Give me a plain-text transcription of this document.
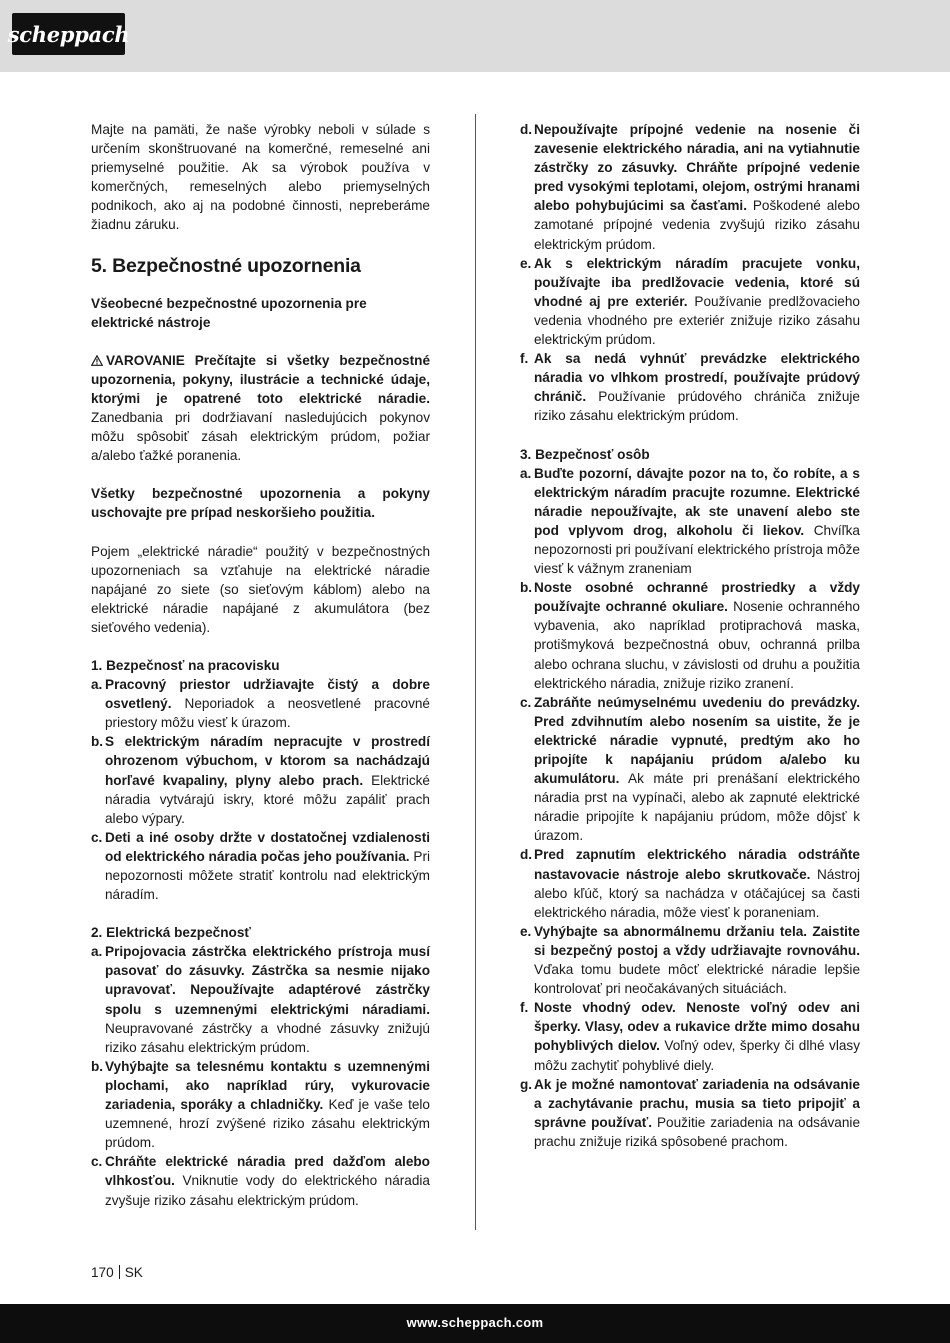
scheppach

Majte na pamäti, že naše výrobky neboli v súlade s určením skonštruované na komerčné, remeselné ani priemyselné použitie. Ak sa výrobok používa v komerčných, remeselných alebo priemyselných podnikoch, ako aj na podobné činnosti, nepreberáme žiadnu záruku.

5. Bezpečnostné upozornenia

Všeobecné bezpečnostné upozornenia pre elektrické nástroje

VAROVANIE Prečítajte si všetky bezpečnostné upozornenia, pokyny, ilustrácie a technické údaje, ktorými je opatrené toto elektrické náradie. Zanedbania pri dodržiavaní nasledujúcich pokynov môžu spôsobiť zásah elektrickým prúdom, požiar a/alebo ťažké poranenia.

Všetky bezpečnostné upozornenia a pokyny uschovajte pre prípad neskoršieho použitia.

Pojem „elektrické náradie“ použitý v bezpečnostných upozorneniach sa vzťahuje na elektrické náradie napájané zo siete (so sieťovým káblom) alebo na elektrické náradie napájané z akumulátora (bez sieťového vedenia).

1. Bezpečnosť na pracovisku
a. Pracovný priestor udržiavajte čistý a dobre osvetlený. Neporiadok a neosvetlené pracovné priestory môžu viesť k úrazom.
b. S elektrickým náradím nepracujte v prostredí ohrozenom výbuchom, v ktorom sa nachádzajú horľavé kvapaliny, plyny alebo prach. Elektrické náradia vytvárajú iskry, ktoré môžu zapáliť prach alebo výpary.
c. Deti a iné osoby držte v dostatočnej vzdialenosti od elektrického náradia počas jeho používania. Pri nepozornosti môžete stratiť kontrolu nad elektrickým náradím.
2. Elektrická bezpečnosť
a. Pripojovacia zástrčka elektrického prístroja musí pasovať do zásuvky. Zástrčka sa nesmie nijako upravovať. Nepoužívajte adaptérové zástrčky spolu s uzemnenými elektrickými náradiami. Neupravované zástrčky a vhodné zásuvky znižujú riziko zásahu elektrickým prúdom.
b. Vyhýbajte sa telesnému kontaktu s uzemnenými plochami, ako napríklad rúry, vykurovacie zariadenia, sporáky a chladničky. Keď je vaše telo uzemnené, hrozí zvýšené riziko zásahu elektrickým prúdom.
c. Chráňte elektrické náradia pred dažďom alebo vlhkosťou. Vniknutie vody do elektrického náradia zvyšuje riziko zásahu elektrickým prúdom.
d. Nepoužívajte prípojné vedenie na nosenie či zavesenie elektrického náradia, ani na vytiahnutie zástrčky zo zásuvky. Chráňte prípojné vedenie pred vysokými teplotami, olejom, ostrými hranami alebo pohybujúcimi sa časťami. Poškodené alebo zamotané prípojné vedenia zvyšujú riziko zásahu elektrickým prúdom.
e. Ak s elektrickým náradím pracujete vonku, používajte iba predlžovacie vedenia, ktoré sú vhodné aj pre exteriér. Používanie predlžovacieho vedenia vhodného pre exteriér znižuje riziko zásahu elektrickým prúdom.
f. Ak sa nedá vyhnúť prevádzke elektrického náradia vo vlhkom prostredí, používajte prúdový chránič. Používanie prúdového chrániča znižuje riziko zásahu elektrickým prúdom.
3. Bezpečnosť osôb
a. Buďte pozorní, dávajte pozor na to, čo robíte, a s elektrickým náradím pracujte rozumne. Elektrické náradie nepoužívajte, ak ste unavení alebo ste pod vplyvom drog, alkoholu či liekov. Chvíľka nepozornosti pri používaní elektrického prístroja môže viesť k vážnym zraneniam
b. Noste osobné ochranné prostriedky a vždy používajte ochranné okuliare. Nosenie ochranného vybavenia, ako napríklad protiprachová maska, protišmyková bezpečnostná obuv, ochranná prilba alebo ochrana sluchu, v závislosti od druhu a použitia elektrického náradia, znižuje riziko zranení.
c. Zabráňte neúmyselnému uvedeniu do prevádzky. Pred zdvihnutím alebo nosením sa uistite, že je elektrické náradie vypnuté, predtým ako ho pripojíte k napájaniu prúdom a/alebo ku akumulátoru. Ak máte pri prenášaní elektrického náradia prst na vypínači, alebo ak zapnuté elektrické náradie pripojíte k napájaniu prúdom, môže dôjsť k úrazom.
d. Pred zapnutím elektrického náradia odstráňte nastavovacie nástroje alebo skrutkovače. Nástroj alebo kľúč, ktorý sa nachádza v otáčajúcej sa časti elektrického náradia, môže viesť k poraneniam.
e. Vyhýbajte sa abnormálnemu držaniu tela. Zaistite si bezpečný postoj a vždy udržiavajte rovnováhu. Vďaka tomu budete môcť elektrické náradie lepšie kontrolovať pri neočakávaných situáciách.
f. Noste vhodný odev. Nenoste voľný odev ani šperky. Vlasy, odev a rukavice držte mimo dosahu pohyblivých dielov. Voľný odev, šperky či dlhé vlasy môžu zachytiť pohyblivé diely.
g. Ak je možné namontovať zariadenia na odsávanie a zachytávanie prachu, musia sa tieto pripojiť a správne používať. Použitie zariadenia na odsávanie prachu znižuje riziká spôsobené prachom.
170 SK
www.scheppach.com
